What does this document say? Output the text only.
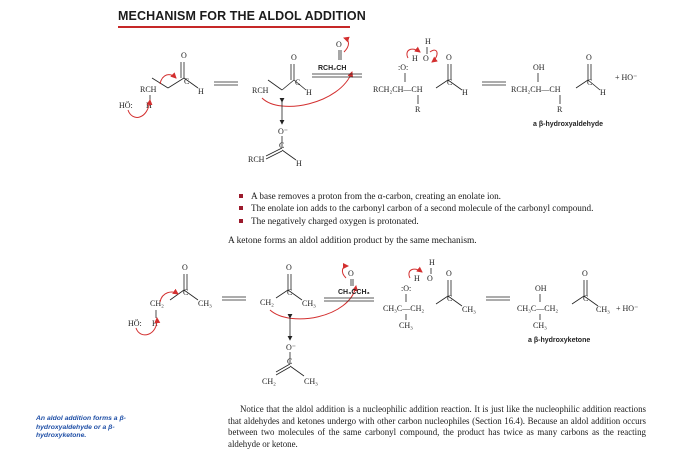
MECHANISM FOR THE ALDOL ADDITION
O
C
RCH	H
H
HÖ:
O
C
RCH	H
O⁻
C
RCH	H
O
RCH₂CH
H
H O
:O:
RCH₂CH—CH
R
O
C
H
OH
RCH₂CH—CH
R
O
C
H
+ HO⁻
a β-hydroxyaldehyde
O
C
CH₂	CH₃
H
HÖ:
O
C
CH₂	CH₃
O⁻
C
CH₂	CH₃
O
CH₃CCH₃
H
H O
:O:
CH₃C—CH₂
CH₃
O
C
CH₃
OH
CH₃C—CH₂
CH₃
O
C
CH₃ + HO⁻
a β-hydroxyketone
A base removes a proton from the α-carbon, creating an enolate ion.
The enolate ion adds to the carbonyl carbon of a second molecule of the carbonyl compound.
The negatively charged oxygen is protonated.
A ketone forms an aldol addition product by the same mechanism.
An aldol addition forms a β-hydroxyaldehyde or a β-hydroxyketone.
Notice that the aldol addition is a nucleophilic addition reaction. It is just like the nucleophilic addition reactions that aldehydes and ketones undergo with other carbon nucleophiles (Section 16.4). Because an aldol addition occurs between two molecules of the same carbonyl compound, the product has twice as many carbons as the reacting aldehyde or ketone.
